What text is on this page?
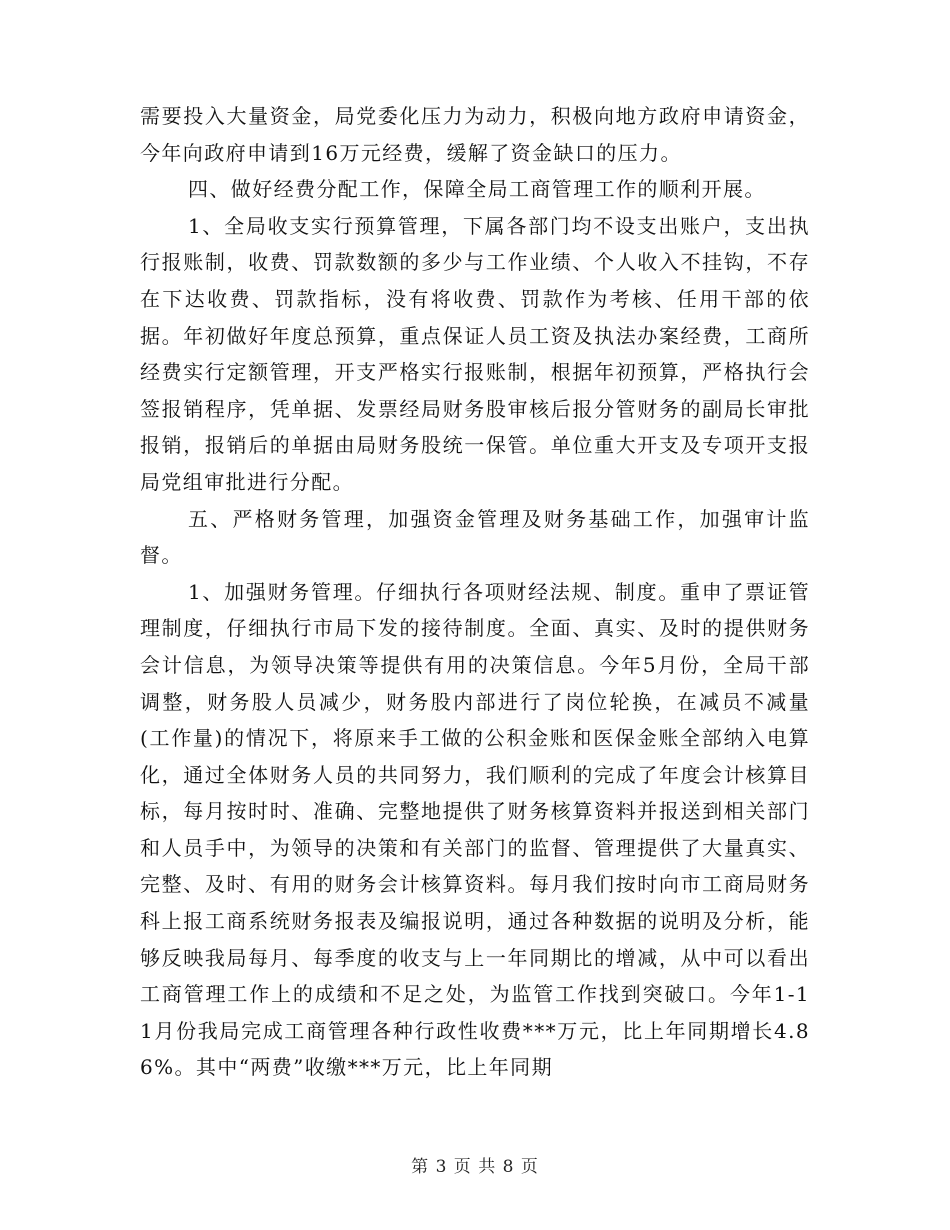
需要投入大量资金，局党委化压力为动力，积极向地方政府申请资金，今年向政府申请到16万元经费，缓解了资金缺口的压力。

四、做好经费分配工作，保障全局工商管理工作的顺利开展。

1、全局收支实行预算管理，下属各部门均不设支出账户，支出执行报账制，收费、罚款数额的多少与工作业绩、个人收入不挂钩，不存在下达收费、罚款指标，没有将收费、罚款作为考核、任用干部的依据。年初做好年度总预算，重点保证人员工资及执法办案经费，工商所经费实行定额管理，开支严格实行报账制，根据年初预算，严格执行会签报销程序，凭单据、发票经局财务股审核后报分管财务的副局长审批报销，报销后的单据由局财务股统一保管。单位重大开支及专项开支报局党组审批进行分配。

五、严格财务管理，加强资金管理及财务基础工作，加强审计监督。

1、加强财务管理。仔细执行各项财经法规、制度。重申了票证管理制度，仔细执行市局下发的接待制度。全面、真实、及时的提供财务会计信息，为领导决策等提供有用的决策信息。今年5月份，全局干部调整，财务股人员减少，财务股内部进行了岗位轮换，在减员不减量(工作量)的情况下，将原来手工做的公积金账和医保金账全部纳入电算化，通过全体财务人员的共同努力，我们顺利的完成了年度会计核算目标，每月按时时、准确、完整地提供了财务核算资料并报送到相关部门和人员手中，为领导的决策和有关部门的监督、管理提供了大量真实、完整、及时、有用的财务会计核算资料。每月我们按时向市工商局财务科上报工商系统财务报表及编报说明，通过各种数据的说明及分析，能够反映我局每月、每季度的收支与上一年同期比的增减，从中可以看出工商管理工作上的成绩和不足之处，为监管工作找到突破口。今年1-11月份我局完成工商管理各种行政性收费***万元，比上年同期增长4.86%。其中“两费”收缴***万元，比上年同期

第 3 页 共 8 页
